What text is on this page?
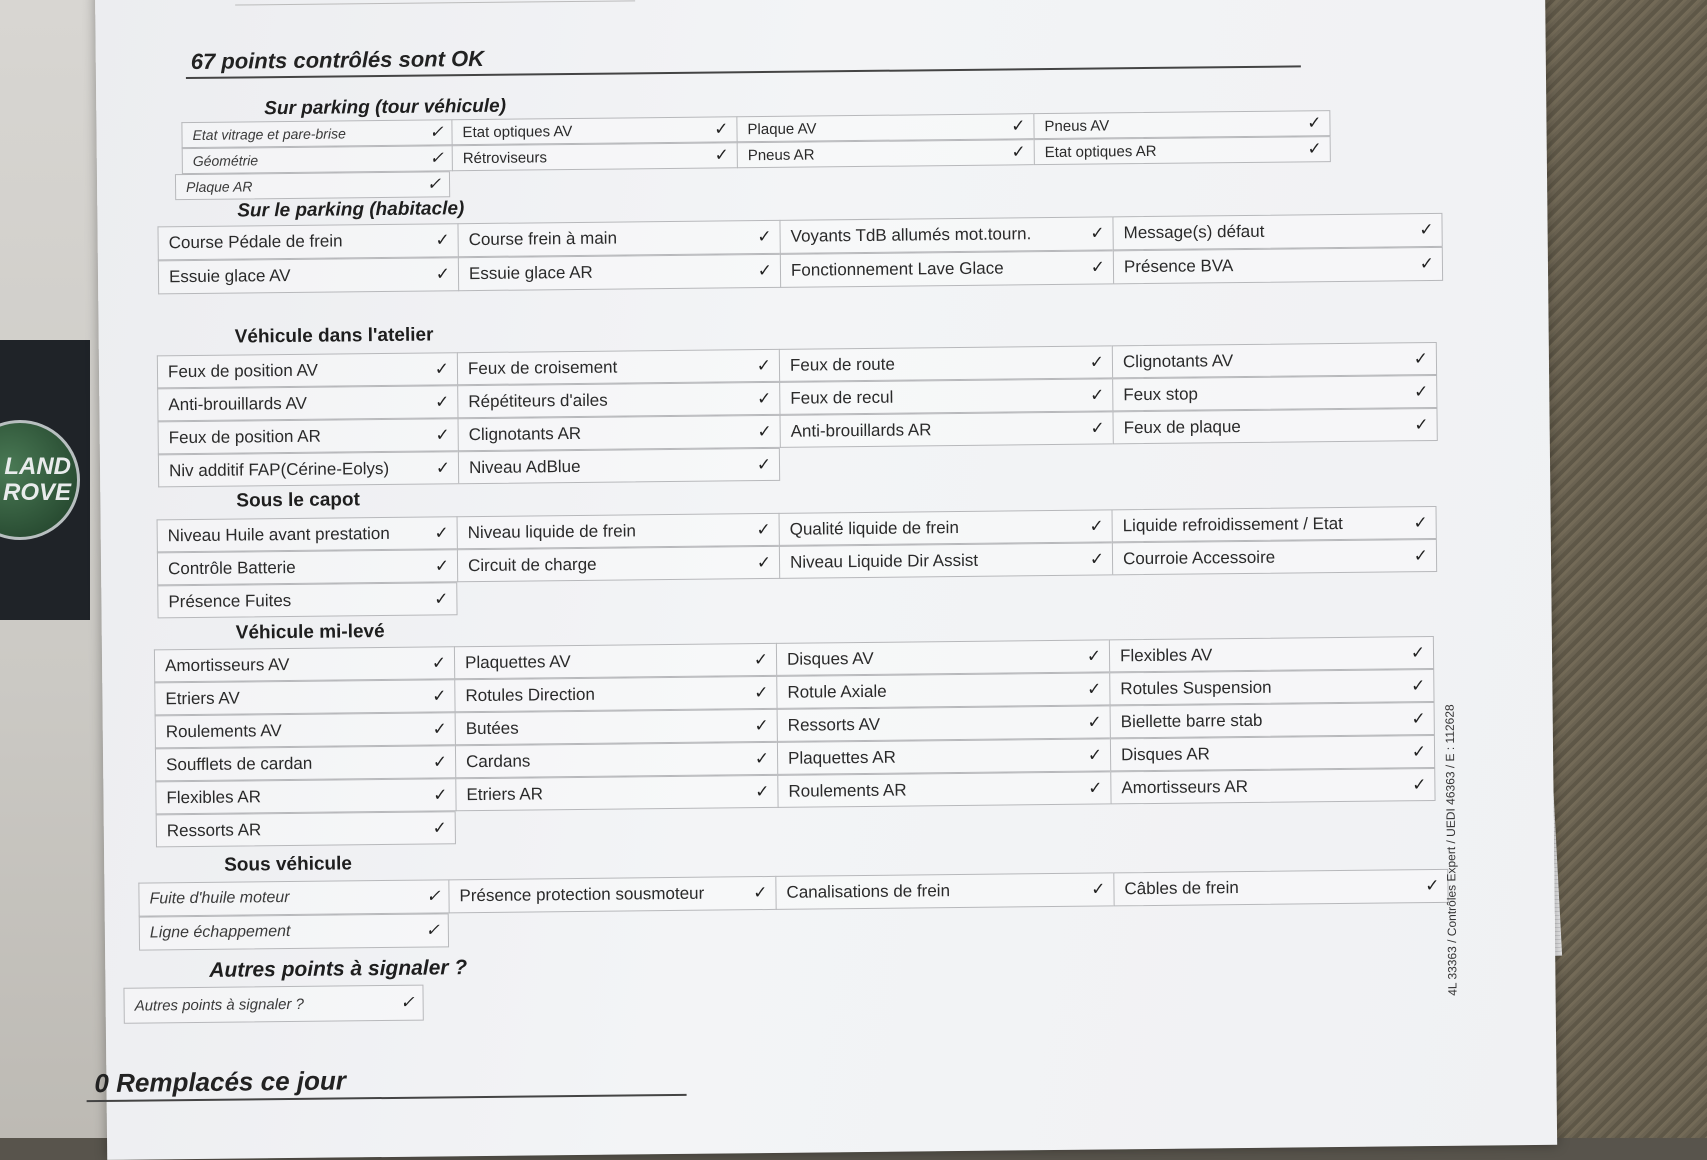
LAND
ROVE
67 points contrôlés sont OK
Sur parking (tour véhicule)
Etat vitrage et pare-brise	✓ Etat optiques AV	✓ Plaque AV	✓ Pneus AV	✓
Géométrie	✓ Rétroviseurs	✓ Pneus AR	✓ Etat optiques AR	✓
Plaque AR	✓
Sur le parking (habitacle)
Course Pédale de frein	✓ Course frein à main	✓ Voyants TdB allumés mot.tourn.	✓ Message(s) défaut	✓
Essuie glace AV	✓ Essuie glace AR	✓ Fonctionnement Lave Glace	✓ Présence BVA	✓
Véhicule dans l'atelier
Feux de position AV	✓ Feux de croisement	✓ Feux de route	✓ Clignotants AV	✓
Anti-brouillards AV	✓ Répétiteurs d'ailes	✓ Feux de recul	✓ Feux stop	✓
Feux de position AR	✓ Clignotants AR	✓ Anti-brouillards AR	✓ Feux de plaque	✓
Niv additif FAP(Cérine-Eolys)	✓ Niveau AdBlue	✓
Sous le capot
Niveau Huile avant prestation	✓ Niveau liquide de frein	✓ Qualité liquide de frein	✓ Liquide refroidissement / Etat	✓
Contrôle Batterie	✓ Circuit de charge	✓ Niveau Liquide Dir Assist	✓ Courroie Accessoire	✓
Présence Fuites	✓
Véhicule mi-levé
Amortisseurs AV	✓ Plaquettes AV	✓ Disques AV	✓ Flexibles AV	✓
Etriers AV	✓ Rotules Direction	✓ Rotule Axiale	✓ Rotules Suspension	✓
Roulements AV	✓ Butées	✓ Ressorts AV	✓ Biellette barre stab	✓
Soufflets de cardan	✓ Cardans	✓ Plaquettes AR	✓ Disques AR	✓
Flexibles AR	✓ Etriers AR	✓ Roulements AR	✓ Amortisseurs AR	✓
Ressorts AR	✓
Sous véhicule
Fuite d'huile moteur	✓ Présence protection sousmoteur	✓ Canalisations de frein	✓ Câbles de frein	✓
Ligne échappement	✓
Autres points à signaler ?
Autres points à signaler ?	✓
0 Remplacés ce jour
4L 33363 / Contrôles Expert / UEDI 46363 / E : 112628
